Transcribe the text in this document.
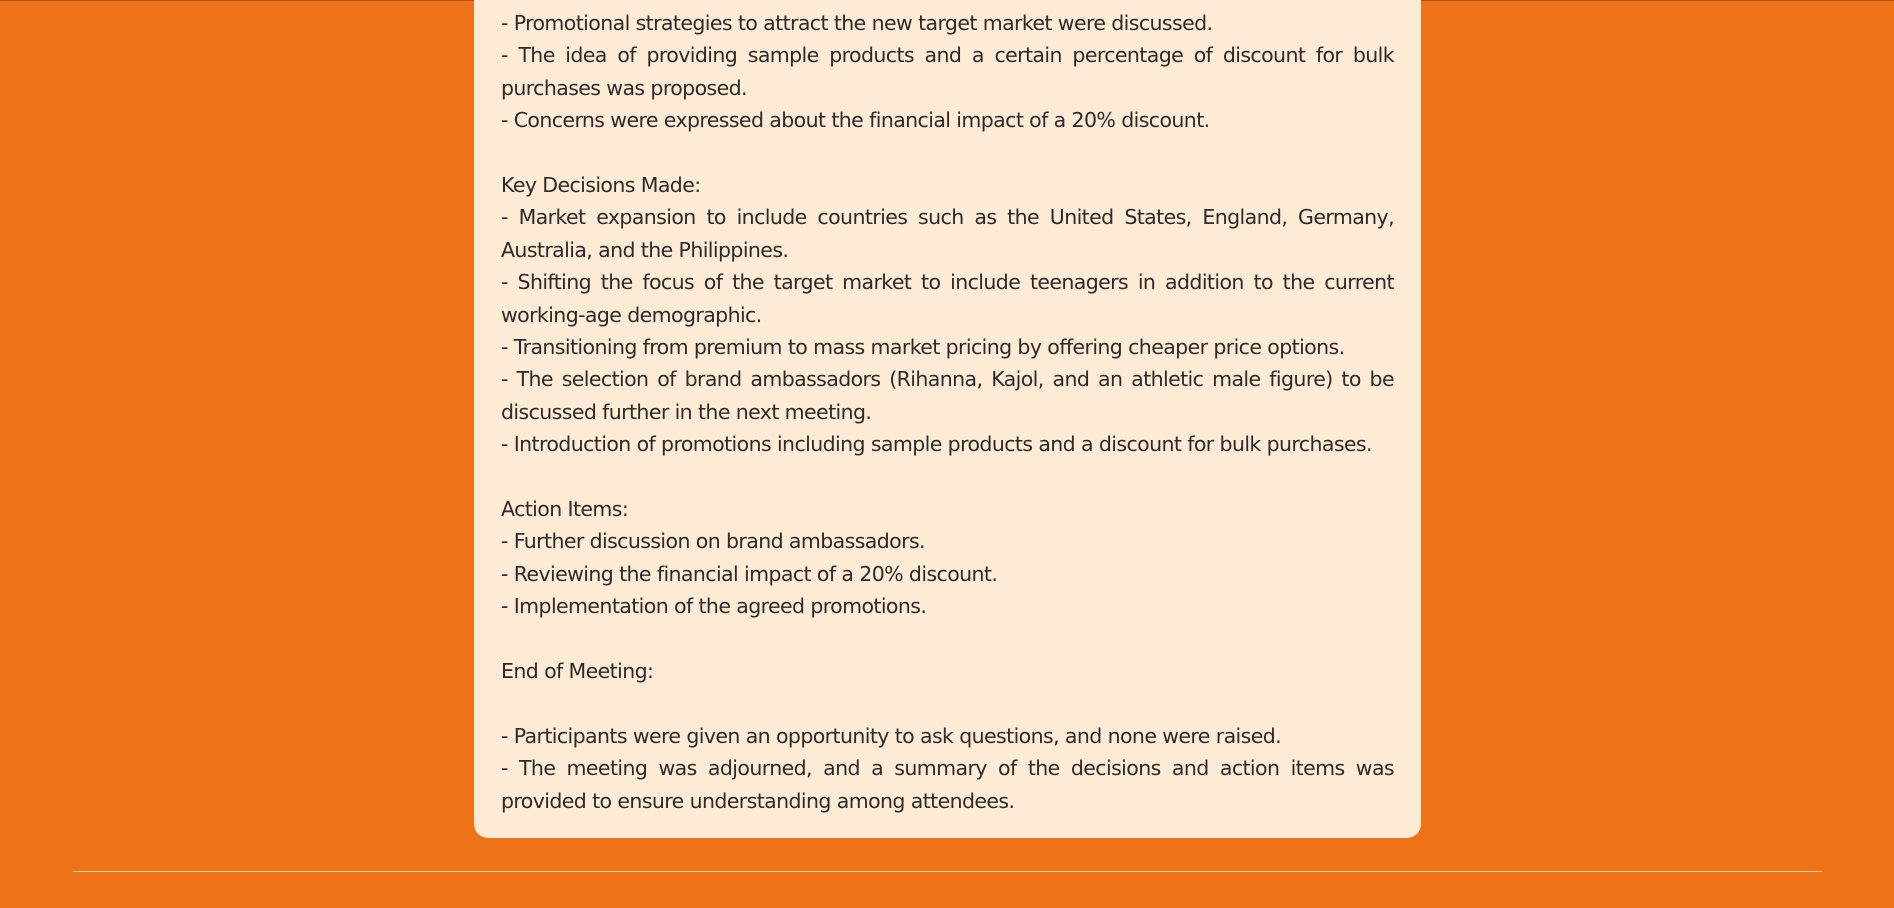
- Promotional strategies to attract the new target market were discussed.
- The idea of providing sample products and a certain percentage of discount for bulk purchases was proposed.
- Concerns were expressed about the financial impact of a 20% discount.
Key Decisions Made:
- Market expansion to include countries such as the United States, England, Germany, Australia, and the Philippines.
- Shifting the focus of the target market to include teenagers in addition to the current working-age demographic.
- Transitioning from premium to mass market pricing by offering cheaper price options.
- The selection of brand ambassadors (Rihanna, Kajol, and an athletic male figure) to be discussed further in the next meeting.
- Introduction of promotions including sample products and a discount for bulk purchases.
Action Items:
- Further discussion on brand ambassadors.
- Reviewing the financial impact of a 20% discount.
- Implementation of the agreed promotions.
End of Meeting:
- Participants were given an opportunity to ask questions, and none were raised.
- The meeting was adjourned, and a summary of the decisions and action items was provided to ensure understanding among attendees.
